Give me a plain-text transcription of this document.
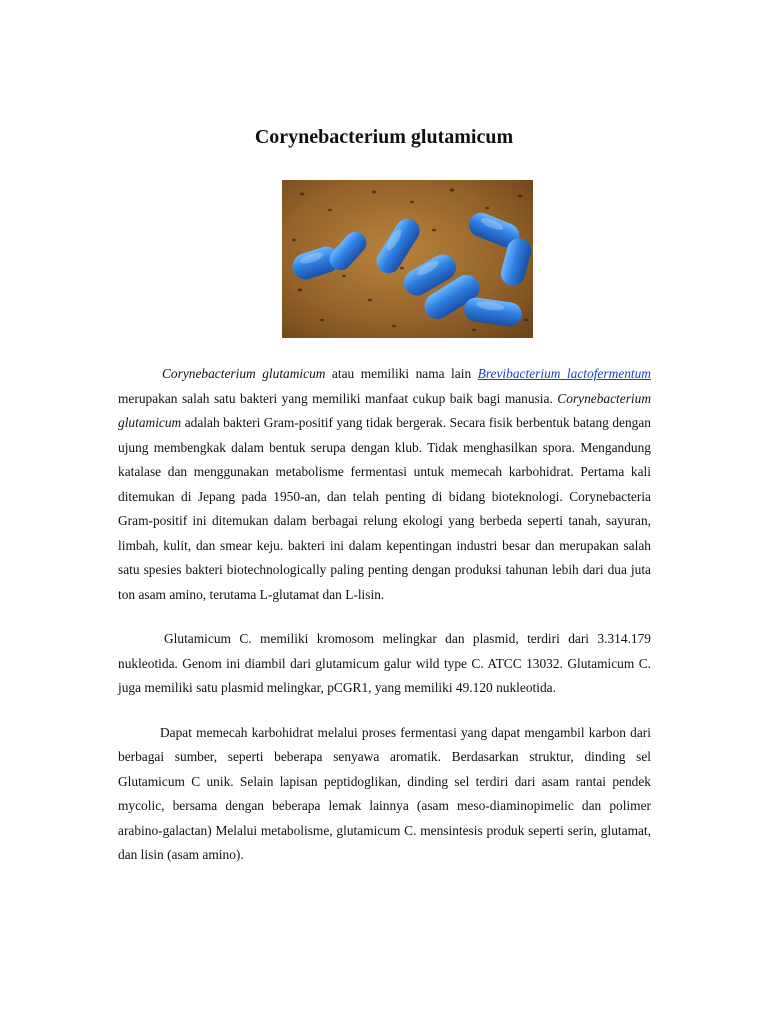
Corynebacterium glutamicum

Corynebacterium glutamicum atau memiliki nama lain Brevibacterium lactofermentum merupakan salah satu bakteri yang memiliki manfaat cukup baik bagi manusia. Corynebacterium glutamicum adalah bakteri Gram-positif yang tidak bergerak. Secara fisik berbentuk batang dengan ujung membengkak dalam bentuk serupa dengan klub. Tidak menghasilkan spora. Mengandung katalase dan menggunakan metabolisme fermentasi untuk memecah karbohidrat. Pertama kali ditemukan di Jepang pada 1950-an, dan telah penting di bidang bioteknologi. Corynebacteria Gram-positif ini ditemukan dalam berbagai relung ekologi yang berbeda seperti tanah, sayuran, limbah, kulit, dan smear keju. bakteri ini dalam kepentingan industri besar dan merupakan salah satu spesies bakteri biotechnologically paling penting dengan produksi tahunan lebih dari dua juta ton asam amino, terutama L-glutamat dan L-lisin.

Glutamicum C. memiliki kromosom melingkar dan plasmid, terdiri dari 3.314.179 nukleotida. Genom ini diambil dari glutamicum galur wild type C. ATCC 13032. Glutamicum C. juga memiliki satu plasmid melingkar, pCGR1, yang memiliki 49.120 nukleotida.

Dapat memecah karbohidrat melalui proses fermentasi yang dapat mengambil karbon dari berbagai sumber, seperti beberapa senyawa aromatik. Berdasarkan struktur, dinding sel Glutamicum C unik. Selain lapisan peptidoglikan, dinding sel terdiri dari asam rantai pendek mycolic, bersama dengan beberapa lemak lainnya (asam meso-diaminopimelic dan polimer arabino-galactan) Melalui metabolisme, glutamicum C. mensintesis produk seperti serin, glutamat, dan lisin (asam amino).
